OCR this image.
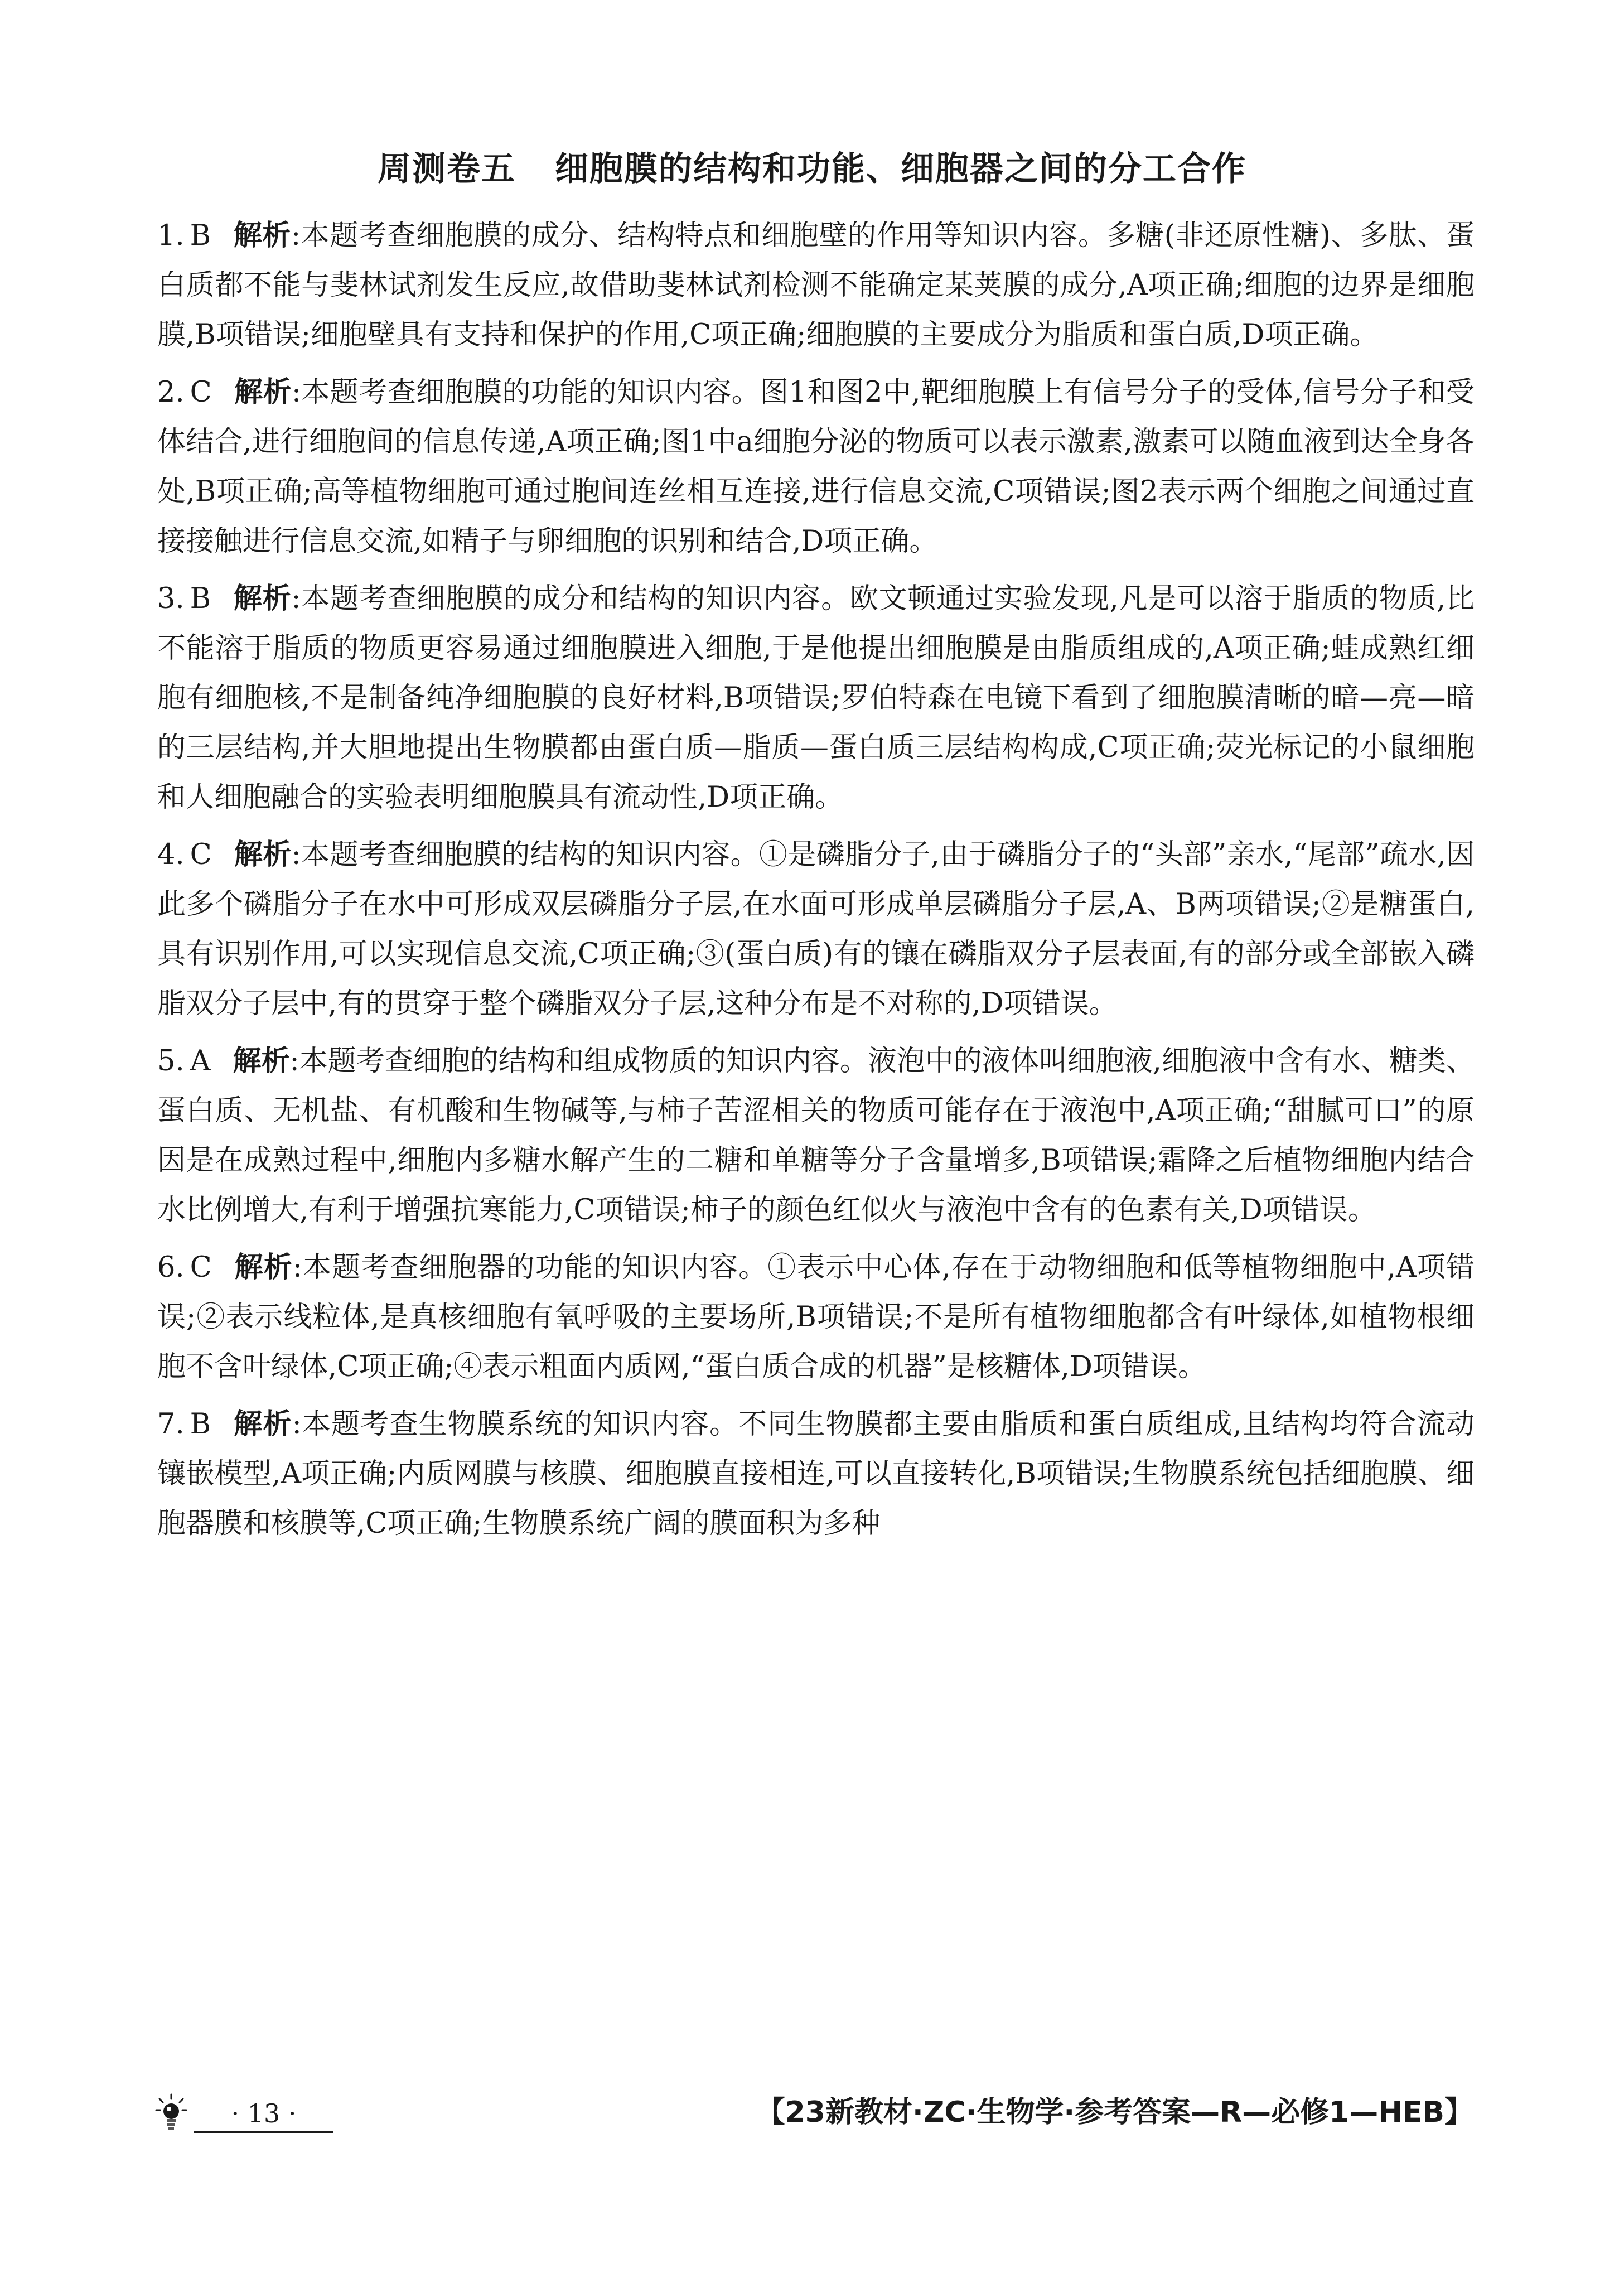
周测卷五 细胞膜的结构和功能、细胞器之间的分工合作
1. B 解析:本题考查细胞膜的成分、结构特点和细胞壁的作用等知识内容。多糖(非还原性糖)、多肽、蛋白质都不能与斐林试剂发生反应,故借助斐林试剂检测不能确定某荚膜的成分,A项正确;细胞的边界是细胞膜,B项错误;细胞壁具有支持和保护的作用,C项正确;细胞膜的主要成分为脂质和蛋白质,D项正确。
2. C 解析:本题考查细胞膜的功能的知识内容。图1和图2中,靶细胞膜上有信号分子的受体,信号分子和受体结合,进行细胞间的信息传递,A项正确;图1中a细胞分泌的物质可以表示激素,激素可以随血液到达全身各处,B项正确;高等植物细胞可通过胞间连丝相互连接,进行信息交流,C项错误;图2表示两个细胞之间通过直接接触进行信息交流,如精子与卵细胞的识别和结合,D项正确。
3. B 解析:本题考查细胞膜的成分和结构的知识内容。欧文顿通过实验发现,凡是可以溶于脂质的物质,比不能溶于脂质的物质更容易通过细胞膜进入细胞,于是他提出细胞膜是由脂质组成的,A项正确;蛙成熟红细胞有细胞核,不是制备纯净细胞膜的良好材料,B项错误;罗伯特森在电镜下看到了细胞膜清晰的暗—亮—暗的三层结构,并大胆地提出生物膜都由蛋白质—脂质—蛋白质三层结构构成,C项正确;荧光标记的小鼠细胞和人细胞融合的实验表明细胞膜具有流动性,D项正确。
4. C 解析:本题考查细胞膜的结构的知识内容。①是磷脂分子,由于磷脂分子的“头部”亲水,“尾部”疏水,因此多个磷脂分子在水中可形成双层磷脂分子层,在水面可形成单层磷脂分子层,A、B两项错误;②是糖蛋白,具有识别作用,可以实现信息交流,C项正确;③(蛋白质)有的镶在磷脂双分子层表面,有的部分或全部嵌入磷脂双分子层中,有的贯穿于整个磷脂双分子层,这种分布是不对称的,D项错误。
5. A 解析:本题考查细胞的结构和组成物质的知识内容。液泡中的液体叫细胞液,细胞液中含有水、糖类、蛋白质、无机盐、有机酸和生物碱等,与柿子苦涩相关的物质可能存在于液泡中,A项正确;“甜腻可口”的原因是在成熟过程中,细胞内多糖水解产生的二糖和单糖等分子含量增多,B项错误;霜降之后植物细胞内结合水比例增大,有利于增强抗寒能力,C项错误;柿子的颜色红似火与液泡中含有的色素有关,D项错误。
6. C 解析:本题考查细胞器的功能的知识内容。①表示中心体,存在于动物细胞和低等植物细胞中,A项错误;②表示线粒体,是真核细胞有氧呼吸的主要场所,B项错误;不是所有植物细胞都含有叶绿体,如植物根细胞不含叶绿体,C项正确;④表示粗面内质网,“蛋白质合成的机器”是核糖体,D项错误。
7. B 解析:本题考查生物膜系统的知识内容。不同生物膜都主要由脂质和蛋白质组成,且结构均符合流动镶嵌模型,A项正确;内质网膜与核膜、细胞膜直接相连,可以直接转化,B项错误;生物膜系统包括细胞膜、细胞器膜和核膜等,C项正确;生物膜系统广阔的膜面积为多种
· 13 ·	【23新教材·ZC·生物学·参考答案—R—必修1—HEB】
